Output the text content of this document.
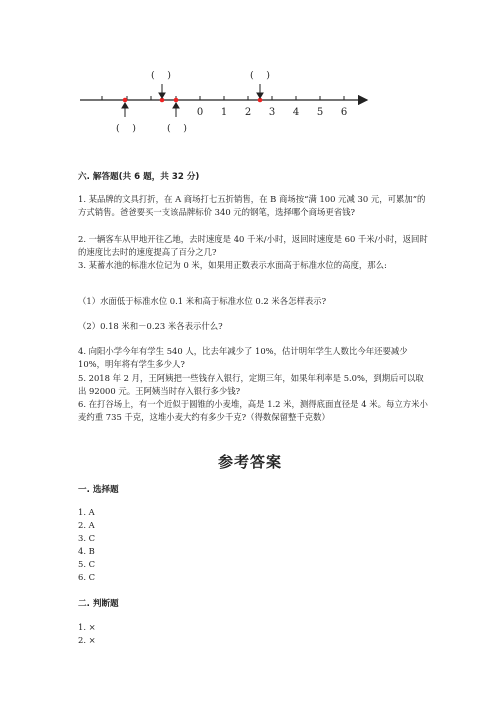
0 1 2 3 4 5 6
(　 )	(　 )
(　 )	(　 )
六. 解答题(共 6 题，共 32 分)
1. 某品牌的文具打折，在 A 商场打七五折销售，在 B 商场按“满 100 元减 30 元，可累加”的方式销售。爸爸要买一支该品牌标价 340 元的钢笔，选择哪个商场更省钱?
2. 一辆客车从甲地开往乙地，去时速度是 40 千米/小时，返回时速度是 60 千米/小时，返回时的速度比去时的速度提高了百分之几?
3. 某蓄水池的标准水位记为 0 米，如果用正数表示水面高于标准水位的高度，那么:
（1）水面低于标准水位 0.1 米和高于标准水位 0.2 米各怎样表示?
（2）0.18 米和－0.23 米各表示什么?
4. 向阳小学今年有学生 540 人，比去年减少了 10%，估计明年学生人数比今年还要减少 10%，明年将有学生多少人?
5. 2018 年 2 月，王阿姨把一些钱存入银行，定期三年，如果年利率是 5.0%，到期后可以取出 92000 元。王阿姨当时存入银行多少钱?
6. 在打谷场上，有一个近似于圆锥的小麦堆，高是 1.2 米，测得底面直径是 4 米。每立方米小麦约重 735 千克，这堆小麦大约有多少千克?（得数保留整千克数）
参考答案
一. 选择题
1. A
2. A
3. C
4. B
5. C
6. C
二. 判断题
1. ×
2. ×
